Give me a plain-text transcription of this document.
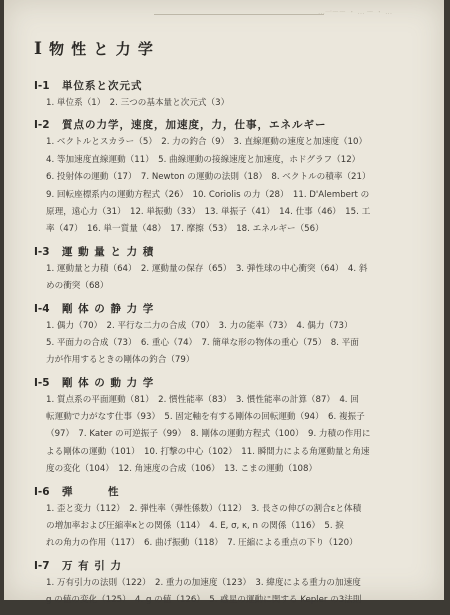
…一ーー ・ … ー ・ …
I 物 性 と 力 学
I-1 単位系と次元式
1. 単位系（1）　2. 三つの基本量と次元式（3）
I-2 質点の力学，速度，加速度，力，仕事，エネルギー
1. ベクトルとスカラー（5）　2. 力の釣合（9）　3. 直線運動の速度と加速度（10）
4. 等加速度直線運動（11）　5. 曲線運動の接線速度と加速度，ホドグラフ（12）
6. 投射体の運動（17）　7. Newton の運動の法則（18）　8. ベクトルの積率（21）
9. 回転座標系内の運動方程式（26）　10. Coriolis の力（28）　11. D'Alembert の
原理，遠心力（31）　12. 単振動（33）　13. 単振子（41）　14. 仕事（46）　15. 工
率（47）　16. 単一質量（48）　17. 摩擦（53）　18. エネルギー（56）
I-3 運 動 量 と 力 積
1. 運動量と力積（64）　2. 運動量の保存（65）　3. 弾性球の中心衝突（64）　4. 斜
めの衝突（68）
I-4 剛 体 の 静 力 学
1. 偶力（70）　2. 平行な二力の合成（70）　3. 力の能率（73）　4. 偶力（73）
5. 平面力の合成（73）　6. 重心（74）　7. 簡単な形の物体の重心（75）　8. 平面
力が作用するときの剛体の釣合（79）
I-5 剛 体 の 動 力 学
1. 質点系の平面運動（81）　2. 慣性能率（83）　3. 慣性能率の計算（87）　4. 回
転運動で力がなす仕事（93）　5. 固定軸を有する剛体の回転運動（94）　6. 複振子
（97）　7. Kater の可逆振子（99）　8. 剛体の運動方程式（100）　9. 力積の作用に
よる剛体の運動（101）　10. 打撃の中心（102）　11. 瞬間力による角運動量と角速
度の変化（104）　12. 角速度の合成（106）　13. こまの運動（108）
I-6 弾　　　性
1. 歪と変力（112）　2. 弾性率（弾性係数）（112）　3. 長さの伸びの割合εと体積
の増加率および圧縮率κとの関係（114）　4. E, σ, κ, n の関係（116）　5. 捩
れの角力の作用（117）　6. 曲げ振動（118）　7. 圧縮による重点の下り（120）
I-7 万 有 引 力
1. 万有引力の法則（122）　2. 重力の加速度（123）　3. 緯度による重力の加速度
g の値の変化（125）　4. g の値（126）　5. 惑星の運動に関する Kepler の3法則
